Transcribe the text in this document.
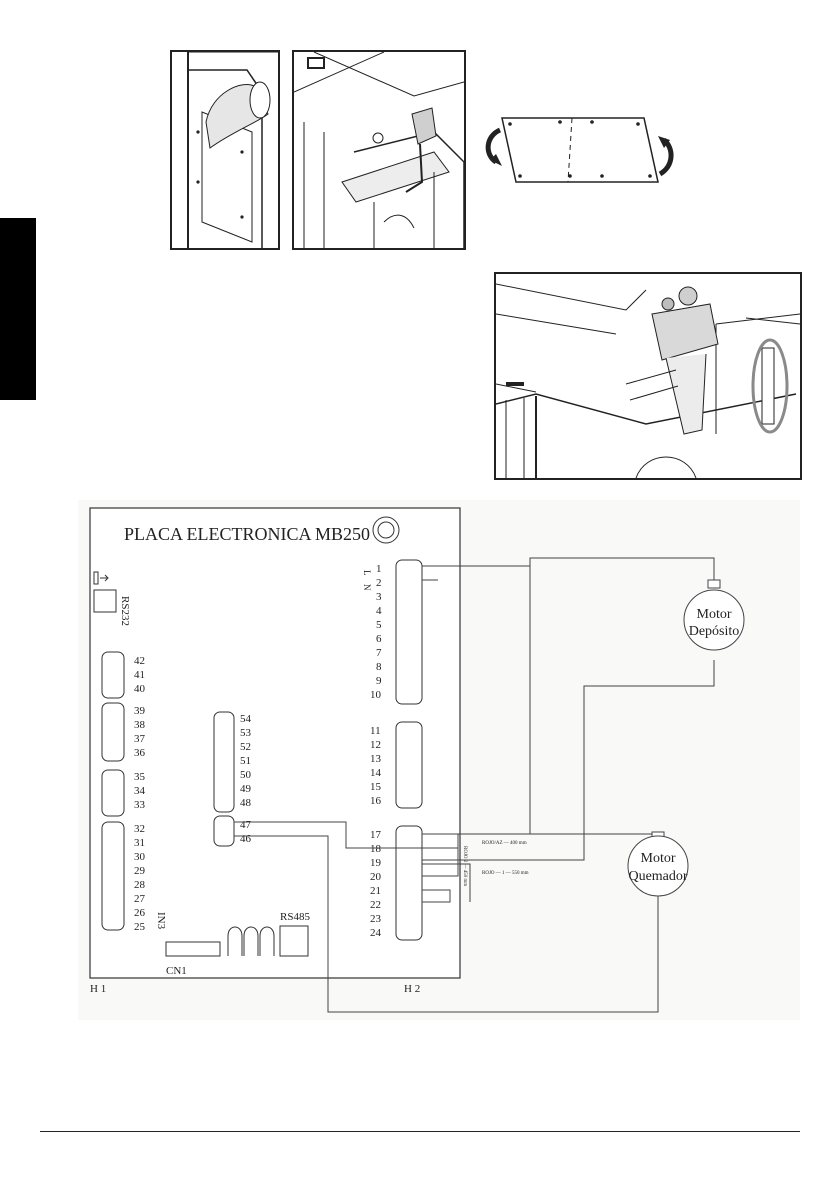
PLACA ELECTRONICA MB250
RS232
42
41
40
39
38
37
36
35
34
33
32
31
30
29
28
27
26
25
54
53
52
51
50
49
48
47
46
L
N
1
2
3
4
5
6
7
8
9
10
11
12
13
14
15
16
17
18
19
20
21
22
23
24
IN3	RS485
H 1
CN1
H 2
ROJO/AZ — 400 mm
ROJO — 1 — 550 mm
ROJO 2 — 450 mm
Motor
Depósito
Motor
Quemador
